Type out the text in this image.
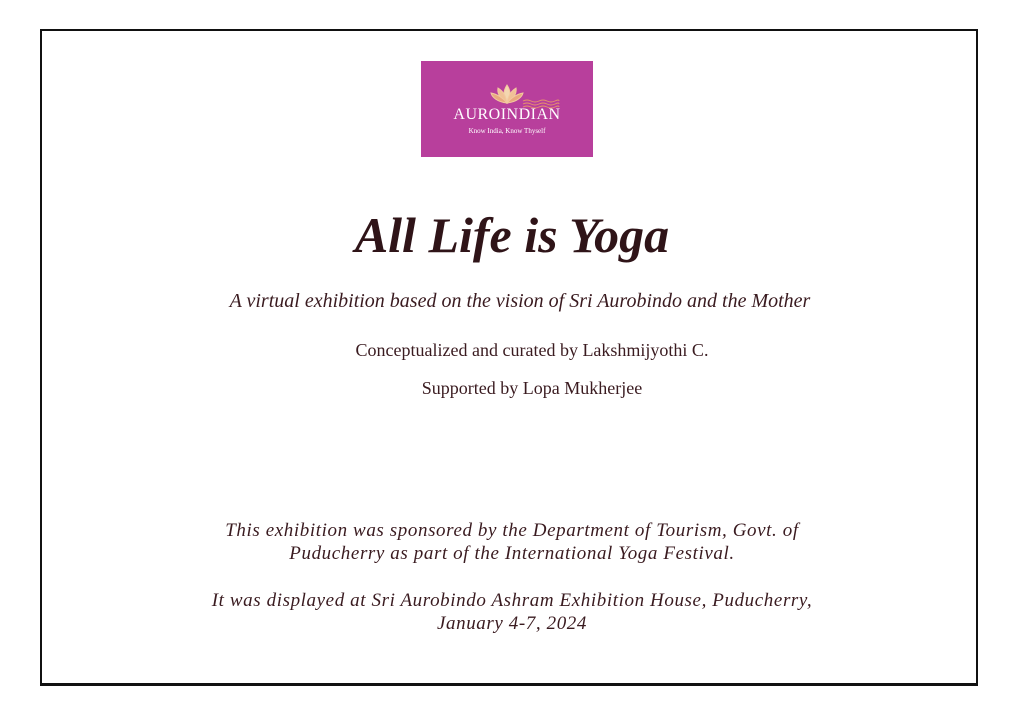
AUROINDIAN
Know India, Know Thyself
All Life is Yoga
A virtual exhibition based on the vision of Sri Aurobindo and the Mother
Conceptualized and curated by Lakshmijyothi C.
Supported by Lopa Mukherjee
This exhibition was sponsored by the Department of Tourism, Govt. of
Puducherry as part of the International Yoga Festival.
It was displayed at Sri Aurobindo Ashram Exhibition House, Puducherry,
January 4-7, 2024
